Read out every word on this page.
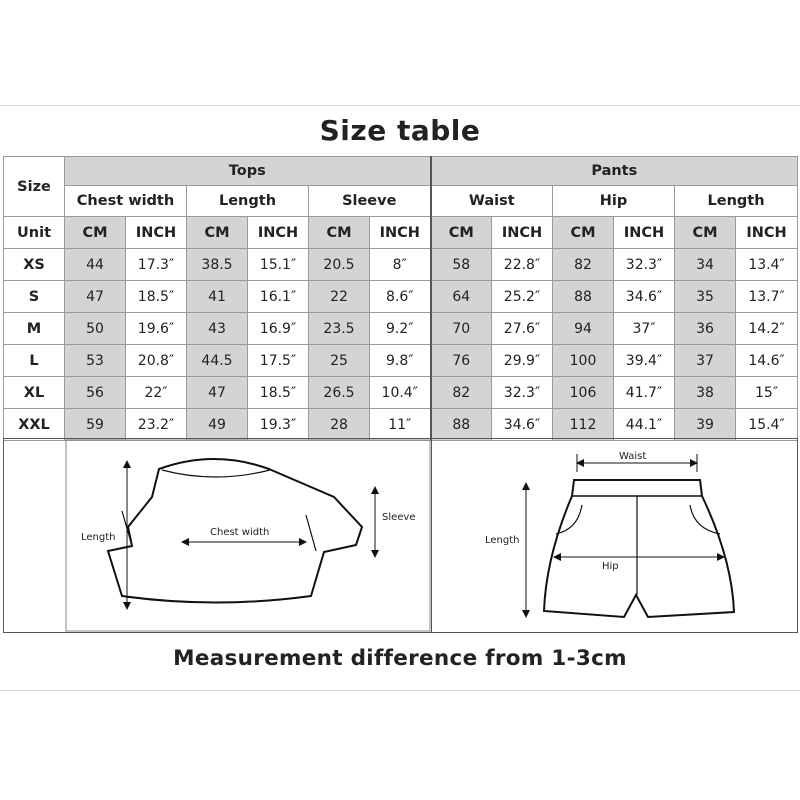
Size table
Size	Tops						Pants					
	Chest width		Length		Sleeve		Waist		Hip		Length	
Unit	CM	INCH	CM	INCH	CM	INCH	CM	INCH	CM	INCH	CM	INCH
XS	44	17.3″	38.5	15.1″	20.5	8″	58	22.8″	82	32.3″	34	13.4″
S	47	18.5″	41	16.1″	22	8.6″	64	25.2″	88	34.6″	35	13.7″
M	50	19.6″	43	16.9″	23.5	9.2″	70	27.6″	94	37″	36	14.2″
L	53	20.8″	44.5	17.5″	25	9.8″	76	29.9″	100	39.4″	37	14.6″
XL	56	22″	47	18.5″	26.5	10.4″	82	32.3″	106	41.7″	38	15″
XXL	59	23.2″	49	19.3″	28	11″	88	34.6″	112	44.1″	39	15.4″
Length	Chest width
Sleeve
Waist
Hip
Length
Measurement difference from 1-3cm
